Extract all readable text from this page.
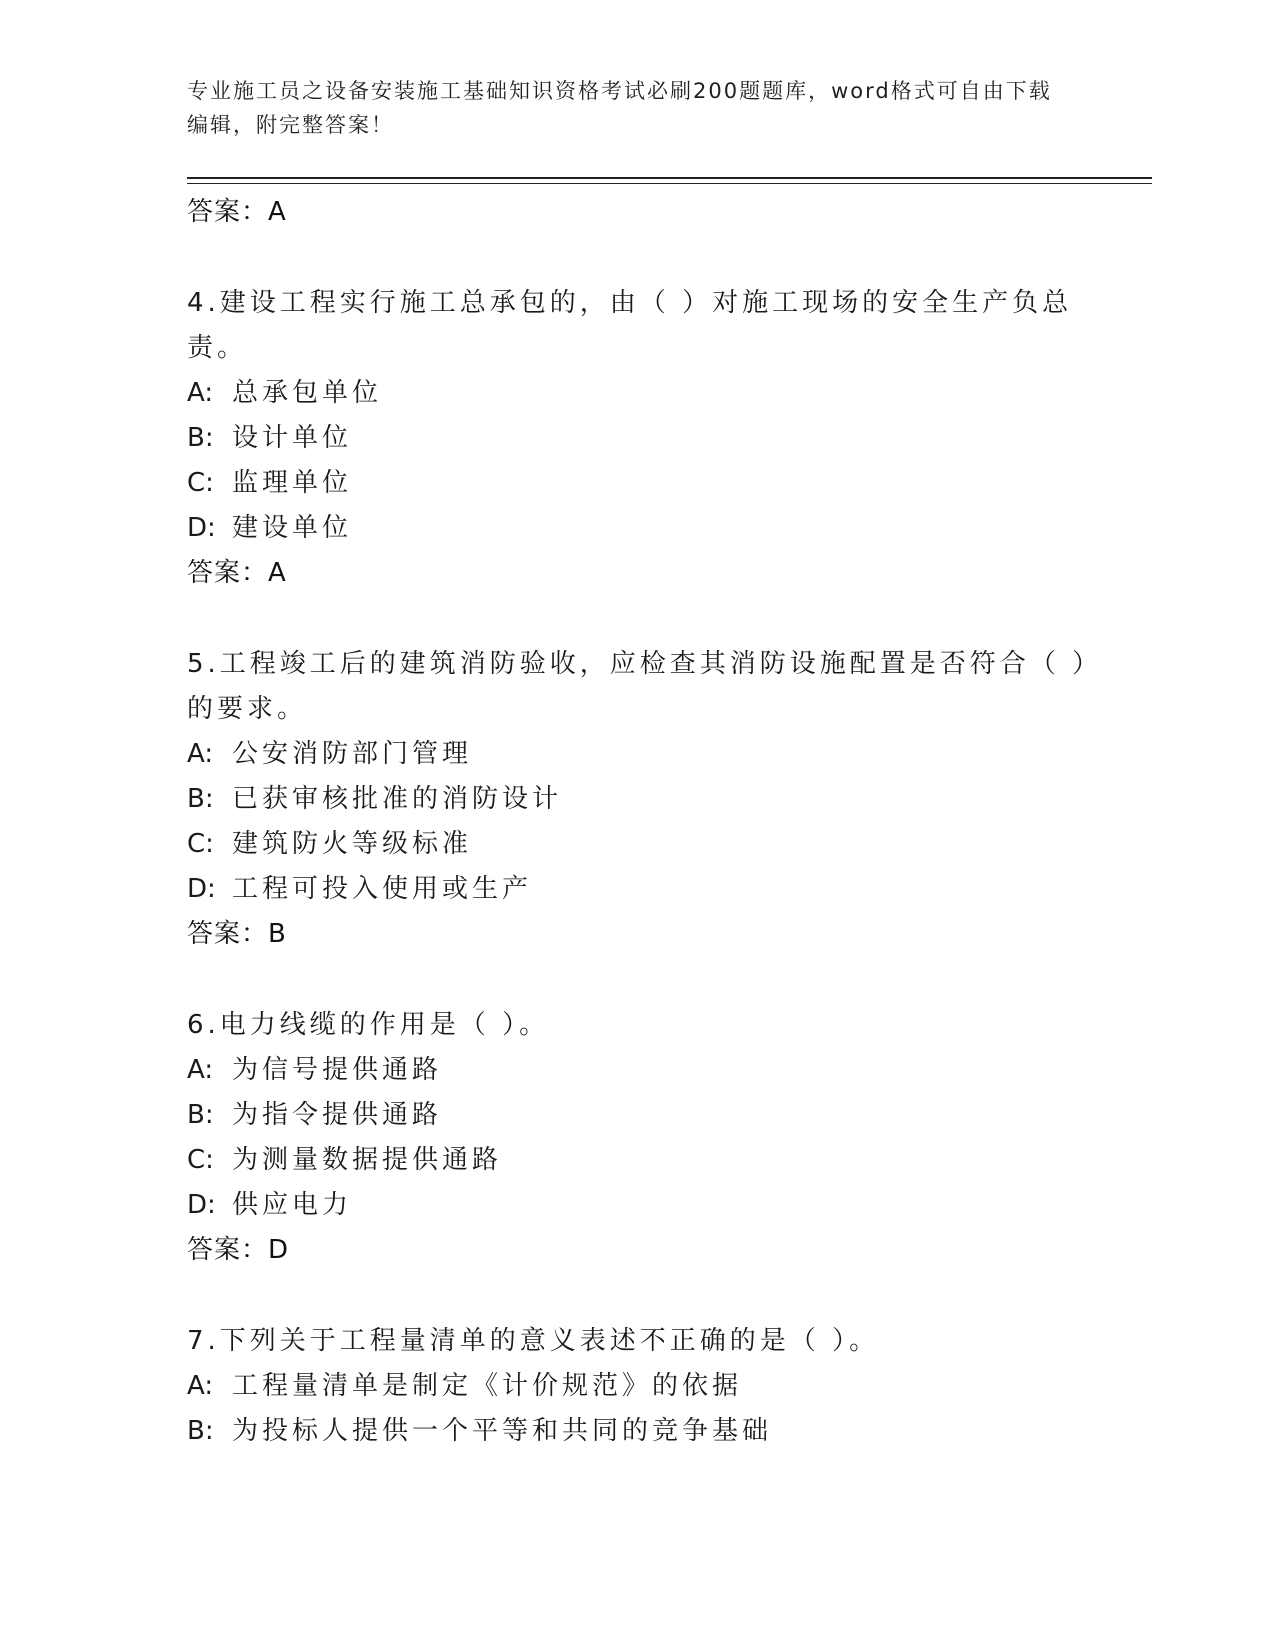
专业施工员之设备安装施工基础知识资格考试必刷200题题库，word格式可自由下载编辑，附完整答案！
答案：A
4.建设工程实行施工总承包的，由（ ）对施工现场的安全生产负总责。
A: 总承包单位
B: 设计单位
C: 监理单位
D: 建设单位
答案：A
5.工程竣工后的建筑消防验收，应检查其消防设施配置是否符合（ ）的要求。
A: 公安消防部门管理
B: 已获审核批准的消防设计
C: 建筑防火等级标准
D: 工程可投入使用或生产
答案：B
6.电力线缆的作用是（ ）。
A: 为信号提供通路
B: 为指令提供通路
C: 为测量数据提供通路
D: 供应电力
答案：D
7.下列关于工程量清单的意义表述不正确的是（ ）。
A: 工程量清单是制定《计价规范》的依据
B: 为投标人提供一个平等和共同的竞争基础
